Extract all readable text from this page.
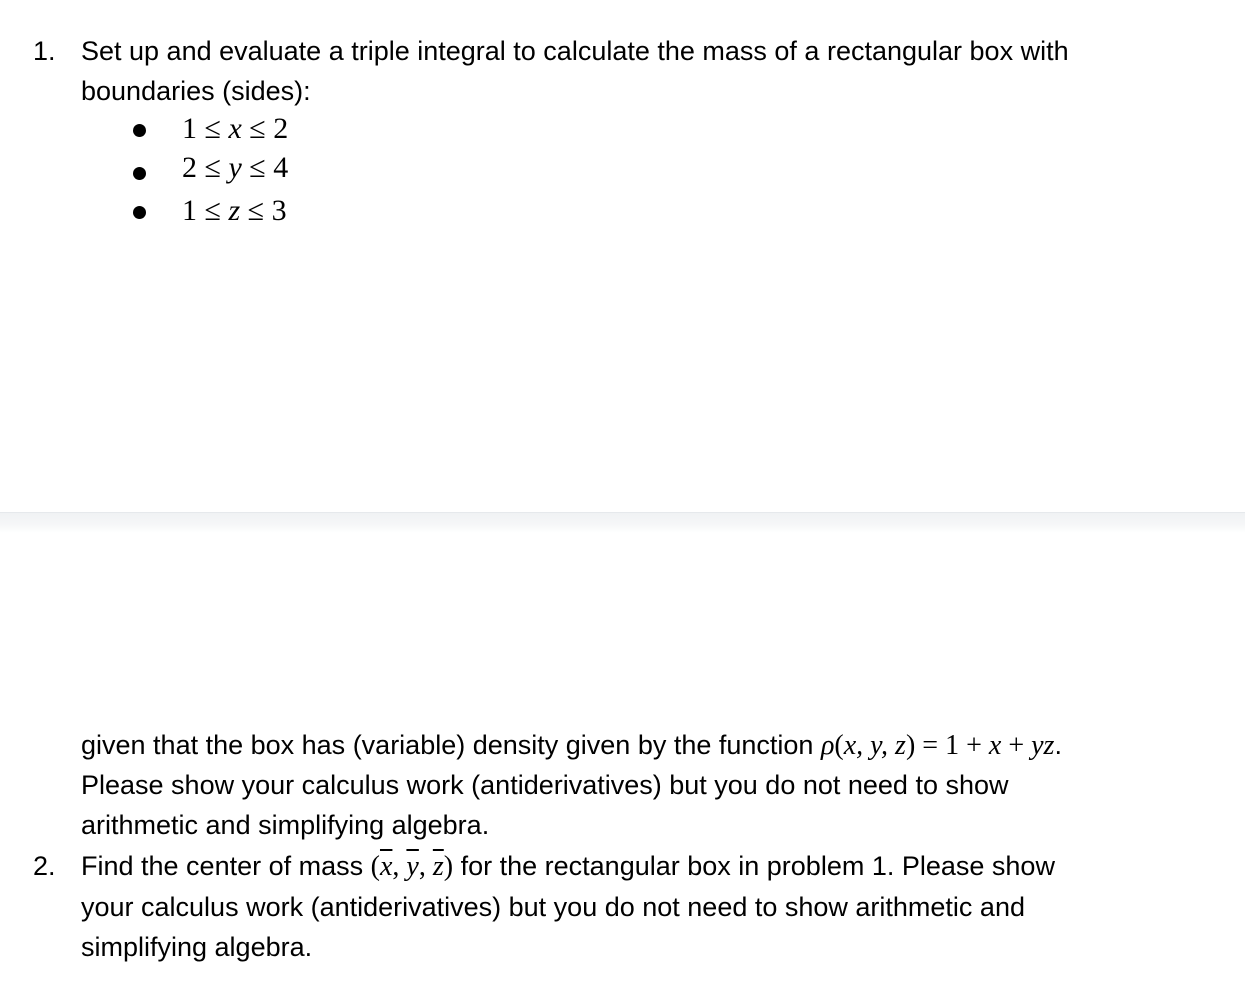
1. Set up and evaluate a triple integral to calculate the mass of a rectangular box with
boundaries (sides):
1 ≤ x ≤ 2
2 ≤ y ≤ 4
1 ≤ z ≤ 3
given that the box has (variable) density given by the function ρ(x, y, z) = 1 + x + yz.
Please show your calculus work (antiderivatives) but you do not need to show
arithmetic and simplifying algebra.
2. Find the center of mass ($\overline{x}$, $\overline{y}$, $\overline{z}$) for the rectangular box in problem 1. Please show
your calculus work (antiderivatives) but you do not need to show arithmetic and
simplifying algebra.
